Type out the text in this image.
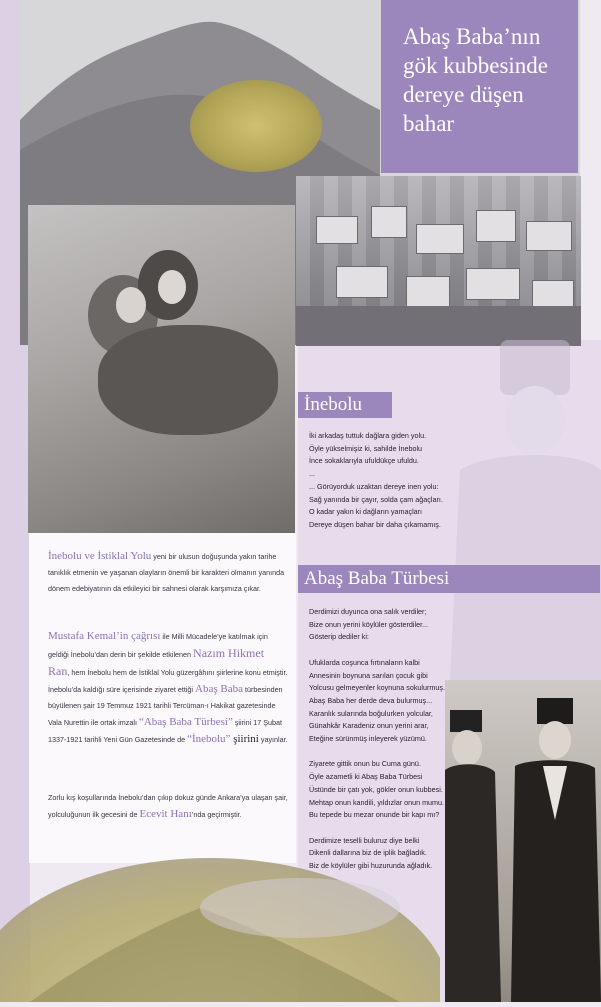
Abaş Baba’nın gök kubbesinde dereye düşen bahar
İnebolu
İki arkadaş tuttuk dağlara giden yolu.
Öyle yükselmişiz ki, sahilde İnebolu
İnce sokaklarıyla ufuldükçe ufuldu.
...
... Görüyorduk uzaktan dereye inen yolu:
Sağ yanında bir çayır, solda çam ağaçları.
O kadar yakın ki dağların yamaçları
Dereye düşen bahar bir daha çıkamamış.
Abaş Baba Türbesi
Derdimizi duyunca ona salık verdiler;
Bize onun yerini köylüler gösterdiler...
Gösterip dediler ki:

Ufuklarda coşunca fırtınaların kalbi
Annesinin boynuna sarılan çocuk gibi
Yolcusu gelmeyenler koynuna sokulurmuş.
Abaş Baba her derde deva bulurmuş...
Karanlık sularında boğulurken yolcular,
Günahkâr Karadeniz onun yerini arar,
Eteğine sürünmüş inleyerek yüzümü.

Ziyarete gittik onun bu Cuma günü.
Öyle azametli ki Abaş Baba Türbesi
Üstünde bir çatı yok, gökler onun kubbesi.
Mehtap onun kandili, yıldızlar onun mumu.
Bu tepede bu mezar onunde bir kapı mı?

Derdimize teselli buluruz diye belki
Dikenli dallarına biz de iplik bağladık.
Biz de köylüler gibi huzurunda ağladık.
İnebolu ve İstiklal Yolu yeni bir ulusun doğuşunda yakın tarihe tanıklık etmenin ve yaşanan olayların önemli bir karakteri olmanın yanında dönem edebiyatının da etkileyici bir sahnesi olarak karşımıza çıkar.
Mustafa Kemal’in çağrısı ile Milli Mücadele’ye katılmak için geldiği İnebolu’dan derin bir şekilde etkilenen Nazım Hikmet Ran, hem İnebolu hem de İstiklal Yolu güzergâhını şiirlerine konu etmiştir. İnebolu’da kaldığı süre içerisinde ziyaret ettiği Abaş Baba türbesinden büyülenen şair 19 Temmuz 1921 tarihli Tercüman-ı Hakikat gazetesinde Vala Nurettin ile ortak imzalı “Abaş Baba Türbesi” şiirini 17 Şubat 1337-1921 tarihli Yeni Gün Gazetesinde de “İnebolu” şiirini yayınlar.
Zorlu kış koşullarında İnebolu’dan çıkıp dokuz günde Ankara’ya ulaşan şair, yolculuğunun ilk gecesini de Ecevit Hanı’nda geçirmiştir.
